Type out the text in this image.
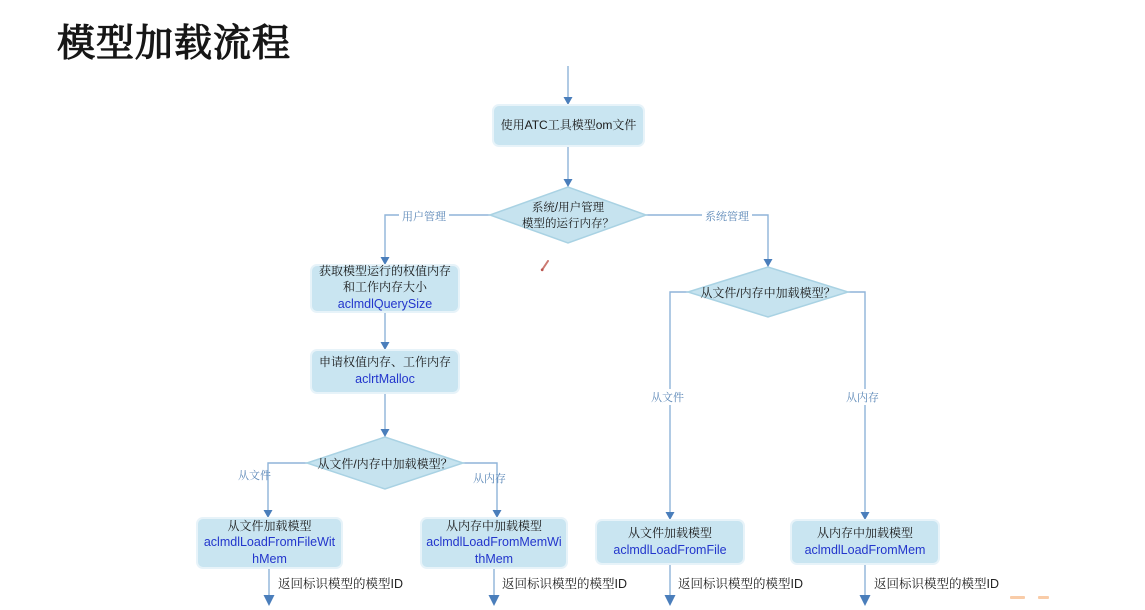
模型加载流程
使用ATC工具模型om文件
获取模型运行的权值内存和工作内存大小
aclmdlQuerySize
申请权值内存、工作内存
aclrtMalloc
从文件加载模型
aclmdlLoadFromFileWithMem
从内存中加载模型
aclmdlLoadFromMemWithMem
从文件加载模型
aclmdlLoadFromFile
从内存中加载模型
aclmdlLoadFromMem
系统/用户管理
模型的运行内存？
从文件/内存中加载模型？
从文件/内存中加载模型？
用户管理	系统管理
从文件	从内存
从文件	从内存
返回标识模型的模型ID	返回标识模型的模型ID	返回标识模型的模型ID	返回标识模型的模型ID
